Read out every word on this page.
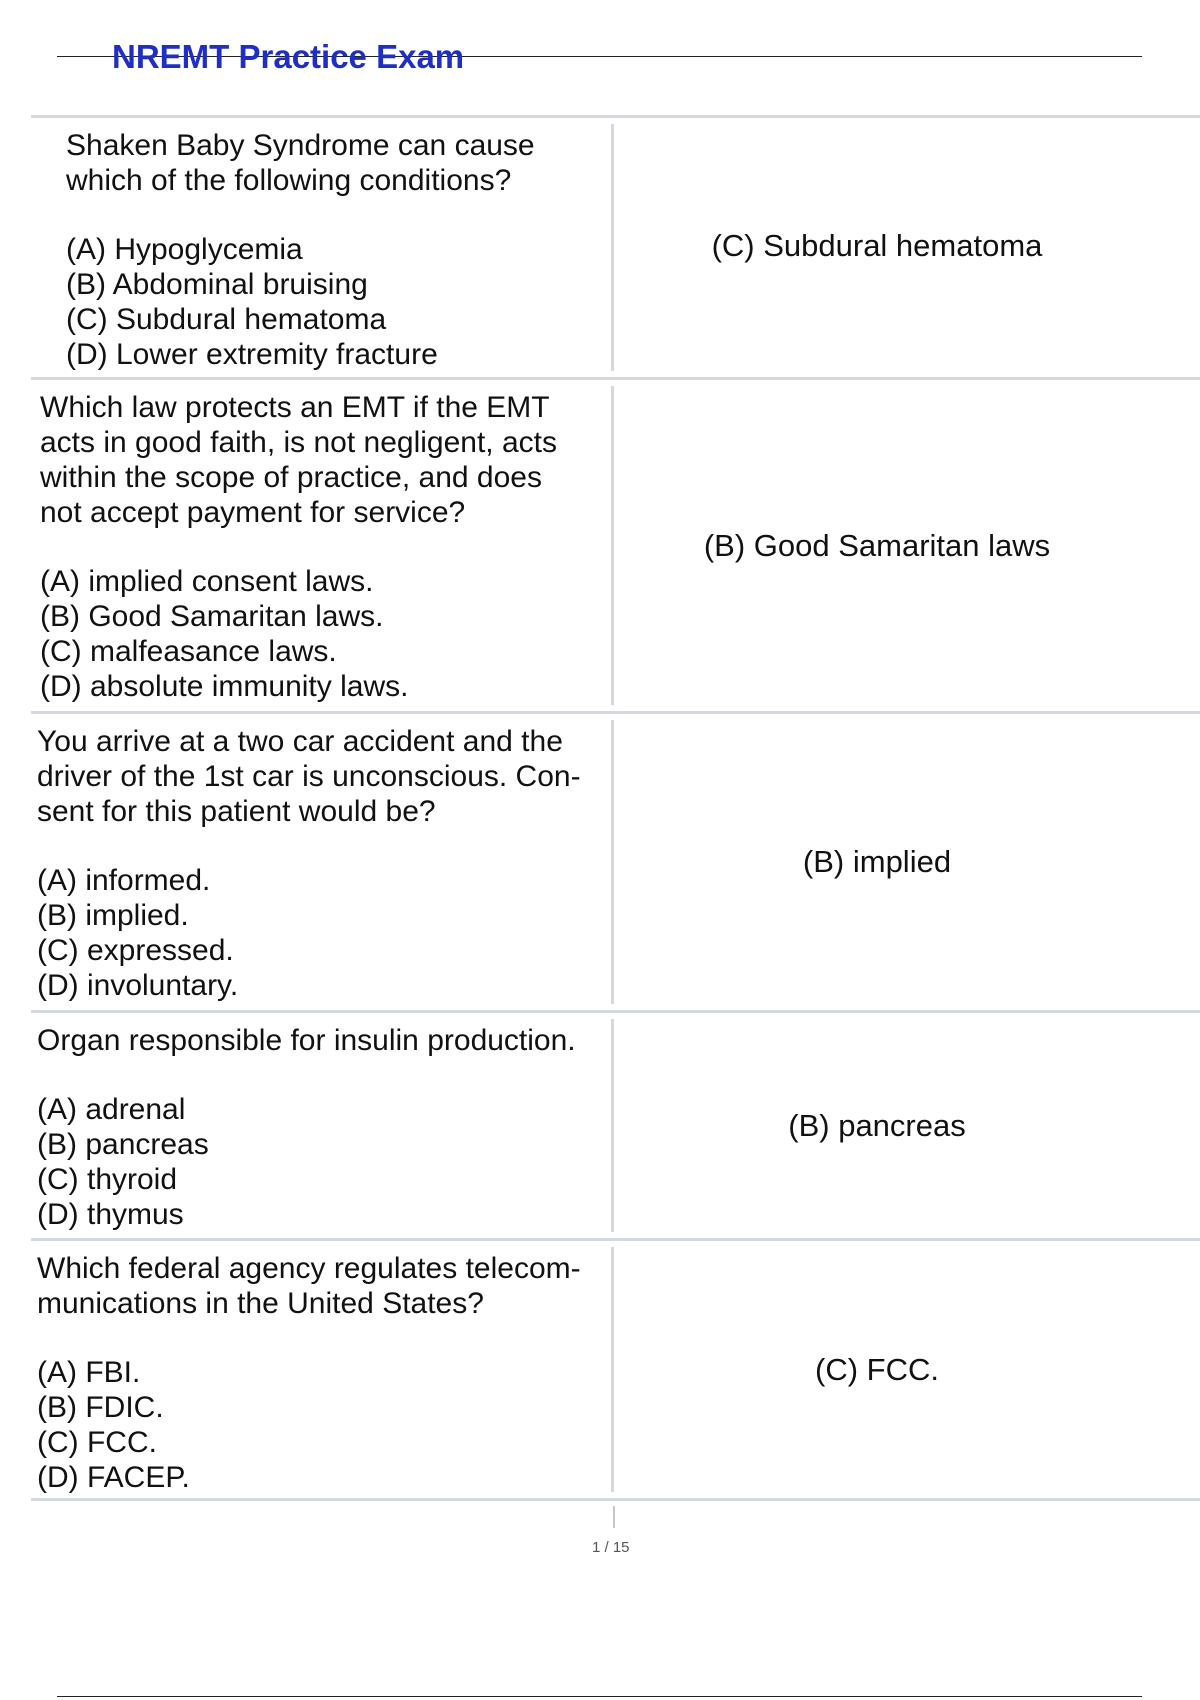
NREMT Practice Exam
Shaken Baby Syndrome can cause
which of the following conditions?
(A) Hypoglycemia
(B) Abdominal bruising
(C) Subdural hematoma
(D) Lower extremity fracture
(C) Subdural hematoma
Which law protects an EMT if the EMT
acts in good faith, is not negligent, acts
within the scope of practice, and does
not accept payment for service?
(A) implied consent laws.
(B) Good Samaritan laws.
(C) malfeasance laws.
(D) absolute immunity laws.
(B) Good Samaritan laws
You arrive at a two car accident and the
driver of the 1st car is unconscious. Con-
sent for this patient would be?
(A) informed.
(B) implied.
(C) expressed.
(D) involuntary.
(B) implied
Organ responsible for insulin production.
(A) adrenal
(B) pancreas
(C) thyroid
(D) thymus
(B) pancreas
Which federal agency regulates telecom-
munications in the United States?
(A) FBI.
(B) FDIC.
(C) FCC.
(D) FACEP.
(C) FCC.
1 / 15
